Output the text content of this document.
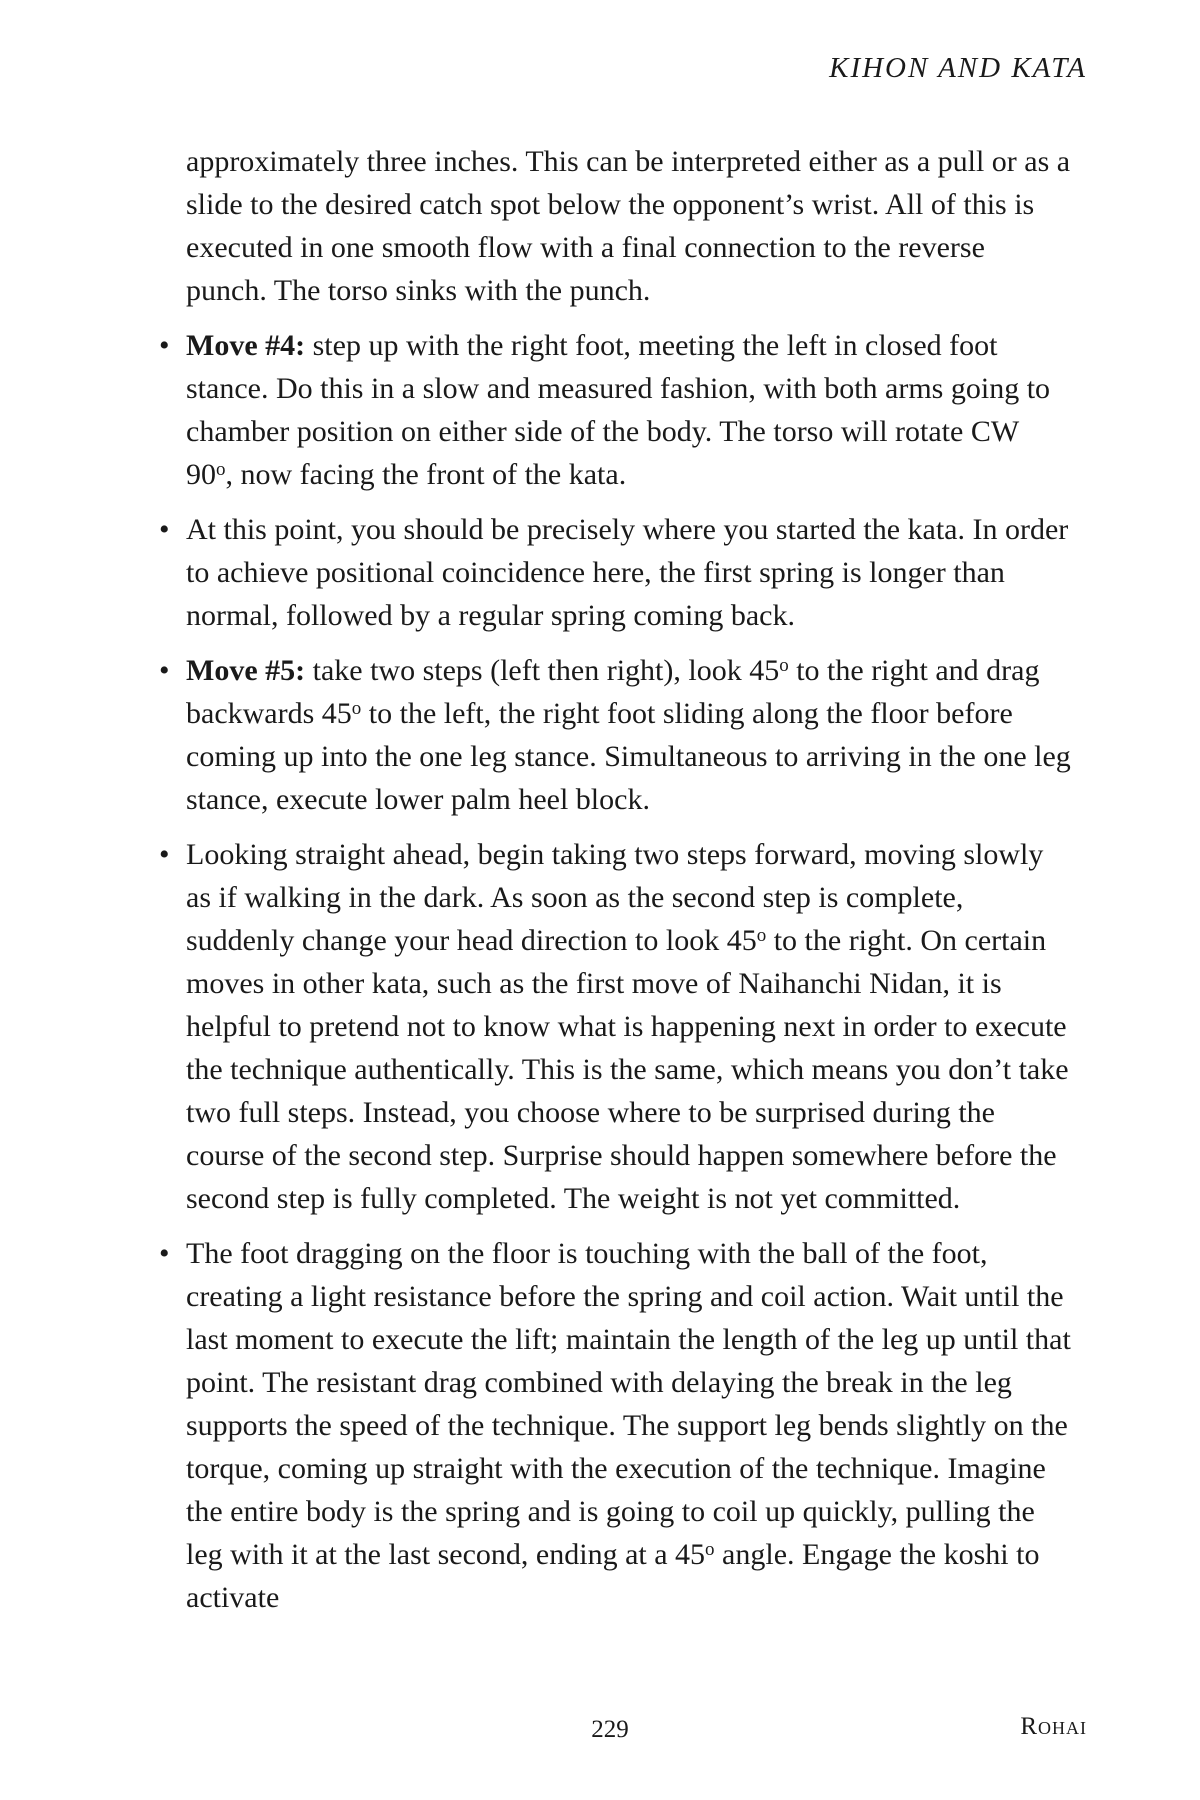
KIHON AND KATA

approximately three inches. This can be interpreted either as a pull or as a slide to the desired catch spot below the opponent’s wrist. All of this is executed in one smooth flow with a final connection to the reverse punch. The torso sinks with the punch.

• Move #4: step up with the right foot, meeting the left in closed foot stance. Do this in a slow and measured fashion, with both arms going to chamber position on either side of the body. The torso will rotate CW 90$^o$, now facing the front of the kata.
• At this point, you should be precisely where you started the kata. In order to achieve positional coincidence here, the first spring is longer than normal, followed by a regular spring coming back.
• Move #5: take two steps (left then right), look 45$^o$ to the right and drag backwards 45$^o$ to the left, the right foot sliding along the floor before coming up into the one leg stance. Simultaneous to arriving in the one leg stance, execute lower palm heel block.
• Looking straight ahead, begin taking two steps forward, moving slowly as if walking in the dark. As soon as the second step is complete, suddenly change your head direction to look 45$^o$ to the right. On certain moves in other kata, such as the first move of Naihanchi Nidan, it is helpful to pretend not to know what is happening next in order to execute the technique authentically. This is the same, which means you don’t take two full steps. Instead, you choose where to be surprised during the course of the second step. Surprise should happen somewhere before the second step is fully completed. The weight is not yet committed.
• The foot dragging on the floor is touching with the ball of the foot, creating a light resistance before the spring and coil action. Wait until the last moment to execute the lift; maintain the length of the leg up until that point. The resistant drag combined with delaying the break in the leg supports the speed of the technique. The support leg bends slightly on the torque, coming up straight with the execution of the technique. Imagine the entire body is the spring and is going to coil up quickly, pulling the leg with it at the last second, ending at a 45$^o$ angle. Engage the koshi to activate
229	Rohai
